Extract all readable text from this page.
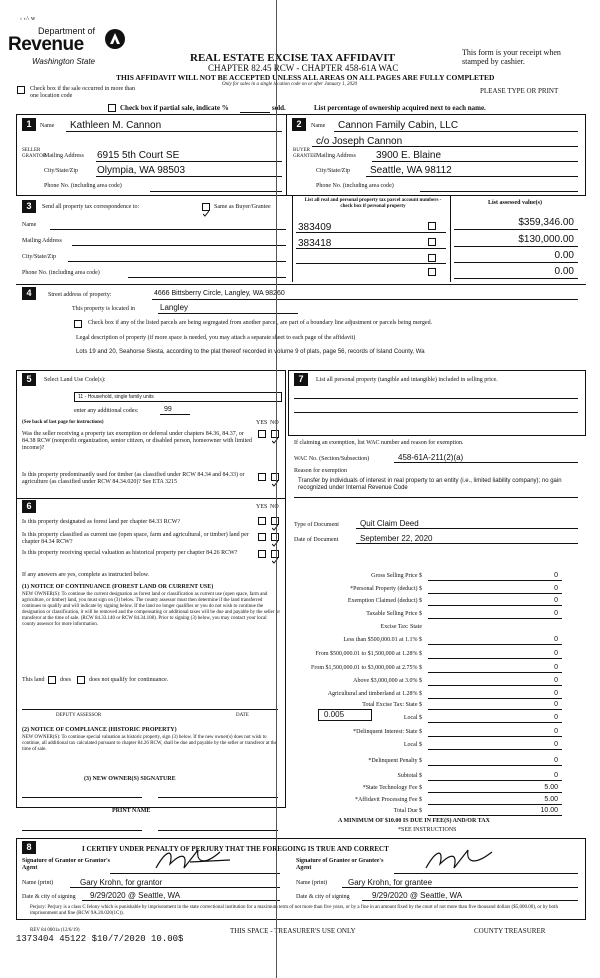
‹ ‹∴ w
Department of
Revenue
Washington State	REAL ESTATE EXCISE TAX AFFIDAVIT
CHAPTER 82.45 RCW - CHAPTER 458-61A WAC
THIS AFFIDAVIT WILL NOT BE ACCEPTED UNLESS ALL AREAS ON ALL PAGES ARE FULLY COMPLETED
Only for sales in a single location code on or after January 1, 2020
This form is your receipt when stamped by cashier.
PLEASE TYPE OR PRINT
Check box if the sale occurred in more than one location code
Check box if partial sale, indicate %	sold.	List percentage of ownership acquired next to each name.
1	Name Kathleen M. Cannon
SELLER GRANTOR
Mailing Address 6915 5th Court SE
City/State/Zip Olympia, WA 98503
Phone No. (including area code)
2	Name Cannon Family Cabin, LLC
c/o Joseph Cannon
BUYER GRANTEE Mailing Address 3900 E. Blaine
City/State/Zip Seattle, WA 98112
Phone No. (including area code)
3	Send all property tax correspondence to:	Same as Buyer/Grantee
List all real and personal property tax parcel account numbers - check box if personal property
List assessed value(s)
Name
Mailing Address
City/State/Zip
Phone No. (including area code)
383409	$359,346.00
383418	$130,000.00
0.00
0.00
4	Street address of property:	4666 Bittsberry Circle, Langley, WA 98260
This property is located in	Langley
Check box if any of the listed parcels are being segregated from another parcel, are part of a boundary line adjustment or parcels being merged.
Legal description of property (if more space is needed, you may attach a separate sheet to each page of the affidavit)
Lots 19 and 20, Seahorse Siesta, according to the plat thereof recorded in volume 9 of plats, page 56, records of Island County, Wa
5	Select Land Use Code(s):
11 - Household, single family units
enter any additional codes:	99
(See back of last page for instructions)	YES NO
Was the seller receiving a property tax exemption or deferral under chapters 84.36, 84.37, or 84.38 RCW (nonprofit organization, senior citizen, or disabled person, homeowner with limited income)?
Is this property predominantly used for timber (as classified under RCW 84.34 and 84.33) or agriculture (as classified under RCW 84.34.020)? See ETA 3215
6	YES NO
Is this property designated as forest land per chapter 84.33 RCW?
Is this property classified as current use (open space, farm and agricultural, or timber) land per chapter 84.34 RCW?
Is this property receiving special valuation as historical property per chapter 84.26 RCW?
If any answers are yes, complete as instructed below.
(1) NOTICE OF CONTINUANCE (FOREST LAND OR CURRENT USE)
NEW OWNER(S): To continue the current designation as forest land or classification as current use (open space, farm and agriculture, or timber) land, you must sign on (3) below. The county assessor must then determine if the land transferred continues to qualify and will indicate by signing below. If the land no longer qualifies or you do not wish to continue the designation or classification, it will be removed and the compensating or additional taxes will be due and payable by the seller or transferor at the time of sale. (RCW 84.33.140 or RCW 84.34.108). Prior to signing (3) below, you may contact your local county assessor for more information.
This land	does	does not qualify for continuance.
DEPUTY ASSESSOR	DATE
(2) NOTICE OF COMPLIANCE (HISTORIC PROPERTY)
NEW OWNER(S): To continue special valuation as historic property, sign (3) below. If the new owner(s) does not wish to continue, all additional tax calculated pursuant to chapter 84.26 RCW, shall be due and payable by the seller or transferor at the time of sale.
(3) NEW OWNER(S) SIGNATURE
PRINT NAME
7	List all personal property (tangible and intangible) included in selling price.
If claiming an exemption, list WAC number and reason for exemption.
WAC No. (Section/Subsection)	458-61A-211(2)(a)
Reason for exemption
Transfer by individuals of interest in real property to an entity (i.e., limited liability company); no gain recognized under Internal Revenue Code
Type of Document	Quit Claim Deed
Date of Document	September 22, 2020
Gross Selling Price $	0
*Personal Property (deduct) $	0
Exemption Claimed (deduct) $	0
Taxable Selling Price $	0
Excise Tax: State
Less than $500,000.01 at 1.1% $	0
From $500,000.01 to $1,500,000 at 1.28% $	0
From $1,500,000.01 to $3,000,000 at 2.75% $	0
Above $3,000,000 at 3.0% $	0
Agricultural and timberland at 1.28% $	0
Total Excise Tax: State $	0
Local $	0
*Delinquent Interest: State $	0
Local $	0
*Delinquent Penalty $	0
Subtotal $	0
*State Technology Fee $	5.00
*Affidavit Processing Fee $	5.00
Total Due $	10.00
0.005
A MINIMUM OF $10.00 IS DUE IN FEE(S) AND/OR TAX
*SEE INSTRUCTIONS
8	I CERTIFY UNDER PENALTY OF PERJURY THAT THE FOREGOING IS TRUE AND CORRECT
Signature of Grantor or Grantor's Agent
Name (print)	Gary Krohn, for grantor
Date & city of signing 9/29/2020 @ Seattle, WA
Signature of Grantee or Grantee's Agent
Name (print)	Gary Krohn, for grantee
Date & city of signing	9/29/2020 @ Seattle, WA
Perjury: Perjury is a class C felony which is punishable by imprisonment in the state correctional institution for a maximum term of not more than five years, or by a fine in an amount fixed by the court of not more than five thousand dollars ($5,000.00), or by both imprisonment and fine (RCW 9A.20.020(1C)).
REV 84 0001a (12/6/19)
1373404 45122 $10/7/2020 10.00$
THIS SPACE - TREASURER'S USE ONLY	COUNTY TREASURER
